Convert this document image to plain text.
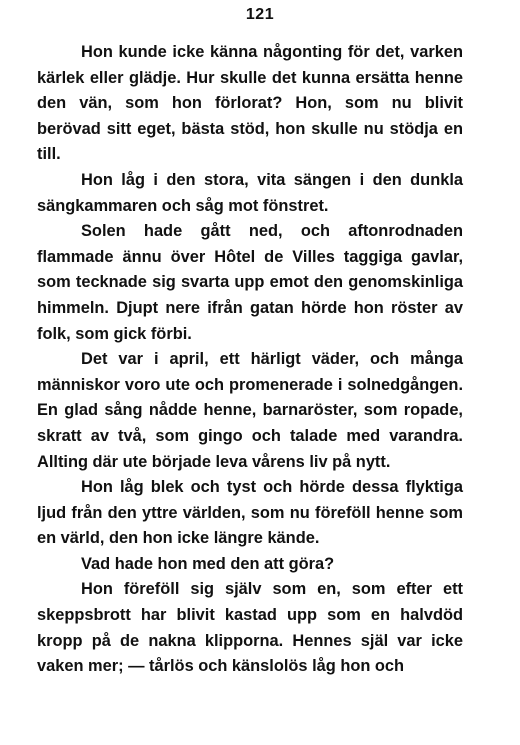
121

Hon kunde icke känna någonting för det, varken kärlek eller glädje. Hur skulle det kunna ersätta henne den vän, som hon förlorat? Hon, som nu blivit berövad sitt eget, bästa stöd, hon skulle nu stödja en till.

Hon låg i den stora, vita sängen i den dunkla sängkammaren och såg mot fönstret.

Solen hade gått ned, och aftonrodnaden flammade ännu över Hôtel de Villes taggiga gavlar, som tecknade sig svarta upp emot den genomskinliga himmeln. Djupt nere ifrån gatan hörde hon röster av folk, som gick förbi.

Det var i april, ett härligt väder, och många människor voro ute och promenerade i solnedgången. En glad sång nådde henne, barnaröster, som ropade, skratt av två, som gingo och talade med varandra. Allting där ute började leva vårens liv på nytt.

Hon låg blek och tyst och hörde dessa flyktiga ljud från den yttre världen, som nu föreföll henne som en värld, den hon icke längre kände.

Vad hade hon med den att göra?

Hon föreföll sig själv som en, som efter ett skeppsbrott har blivit kastad upp som en halvdöd kropp på de nakna klipporna. Hennes själ var icke vaken mer; — tårlös och känslolös låg hon och
